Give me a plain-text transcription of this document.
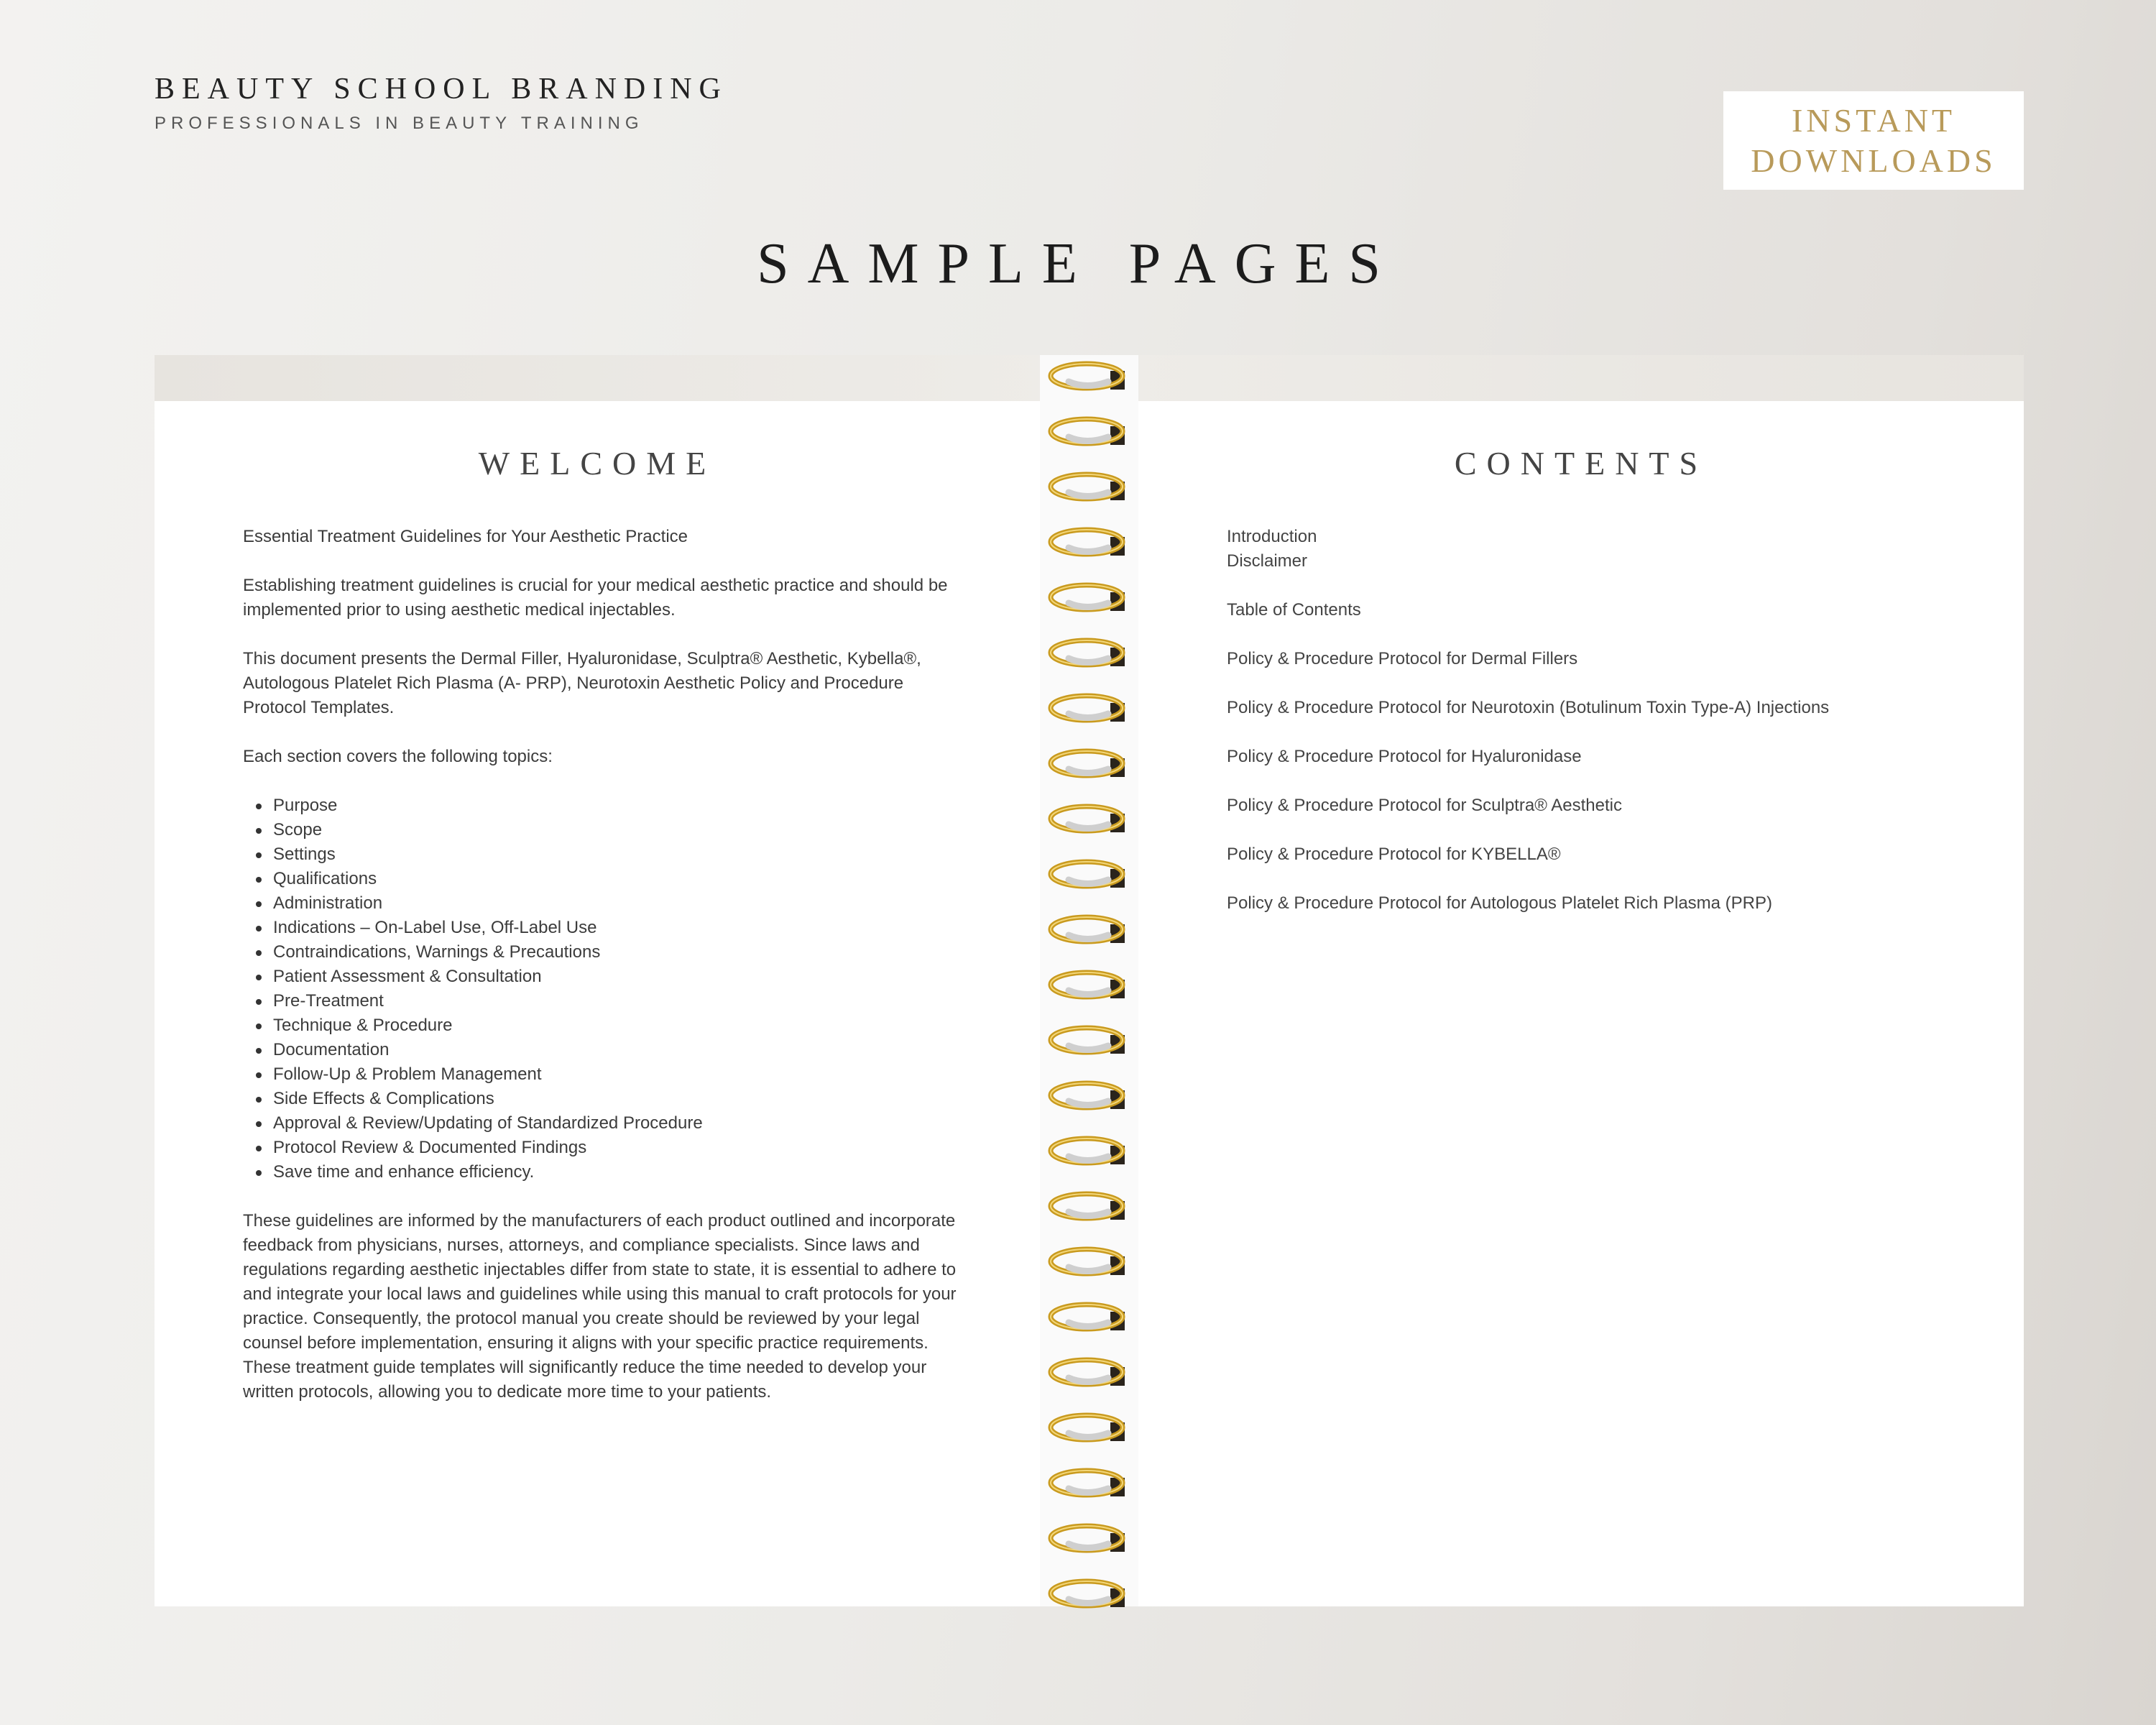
BEAUTY SCHOOL BRANDING
PROFESSIONALS IN BEAUTY TRAINING	INSTANT
DOWNLOADS
SAMPLE PAGES
WELCOME

Essential Treatment Guidelines for Your Aesthetic Practice

Establishing treatment guidelines is crucial for your medical aesthetic practice and should be implemented prior to using aesthetic medical injectables.

This document presents the Dermal Filler, Hyaluronidase, Sculptra® Aesthetic, Kybella®, Autologous Platelet Rich Plasma (A- PRP), Neurotoxin Aesthetic Policy and Procedure Protocol Templates.

Each section covers the following topics:

Purpose
Scope
Settings
Qualifications
Administration
Indications – On-Label Use, Off-Label Use
Contraindications, Warnings & Precautions
Patient Assessment & Consultation
Pre-Treatment
Technique & Procedure
Documentation
Follow-Up & Problem Management
Side Effects & Complications
Approval & Review/Updating of Standardized Procedure
Protocol Review & Documented Findings
Save time and enhance efficiency.

These guidelines are informed by the manufacturers of each product outlined and incorporate feedback from physicians, nurses, attorneys, and compliance specialists. Since laws and regulations regarding aesthetic injectables differ from state to state, it is essential to adhere to and integrate your local laws and guidelines while using this manual to craft protocols for your practice. Consequently, the protocol manual you create should be reviewed by your legal counsel before implementation, ensuring it aligns with your specific practice requirements. These treatment guide templates will significantly reduce the time needed to develop your written protocols, allowing you to dedicate more time to your patients.

CONTENTS
Introduction
Disclaimer
Table of Contents
Policy & Procedure Protocol for Dermal Fillers
Policy & Procedure Protocol for Neurotoxin (Botulinum Toxin Type-A) Injections
Policy & Procedure Protocol for Hyaluronidase
Policy & Procedure Protocol for Sculptra® Aesthetic
Policy & Procedure Protocol for KYBELLA®
Policy & Procedure Protocol for Autologous Platelet Rich Plasma (PRP)
